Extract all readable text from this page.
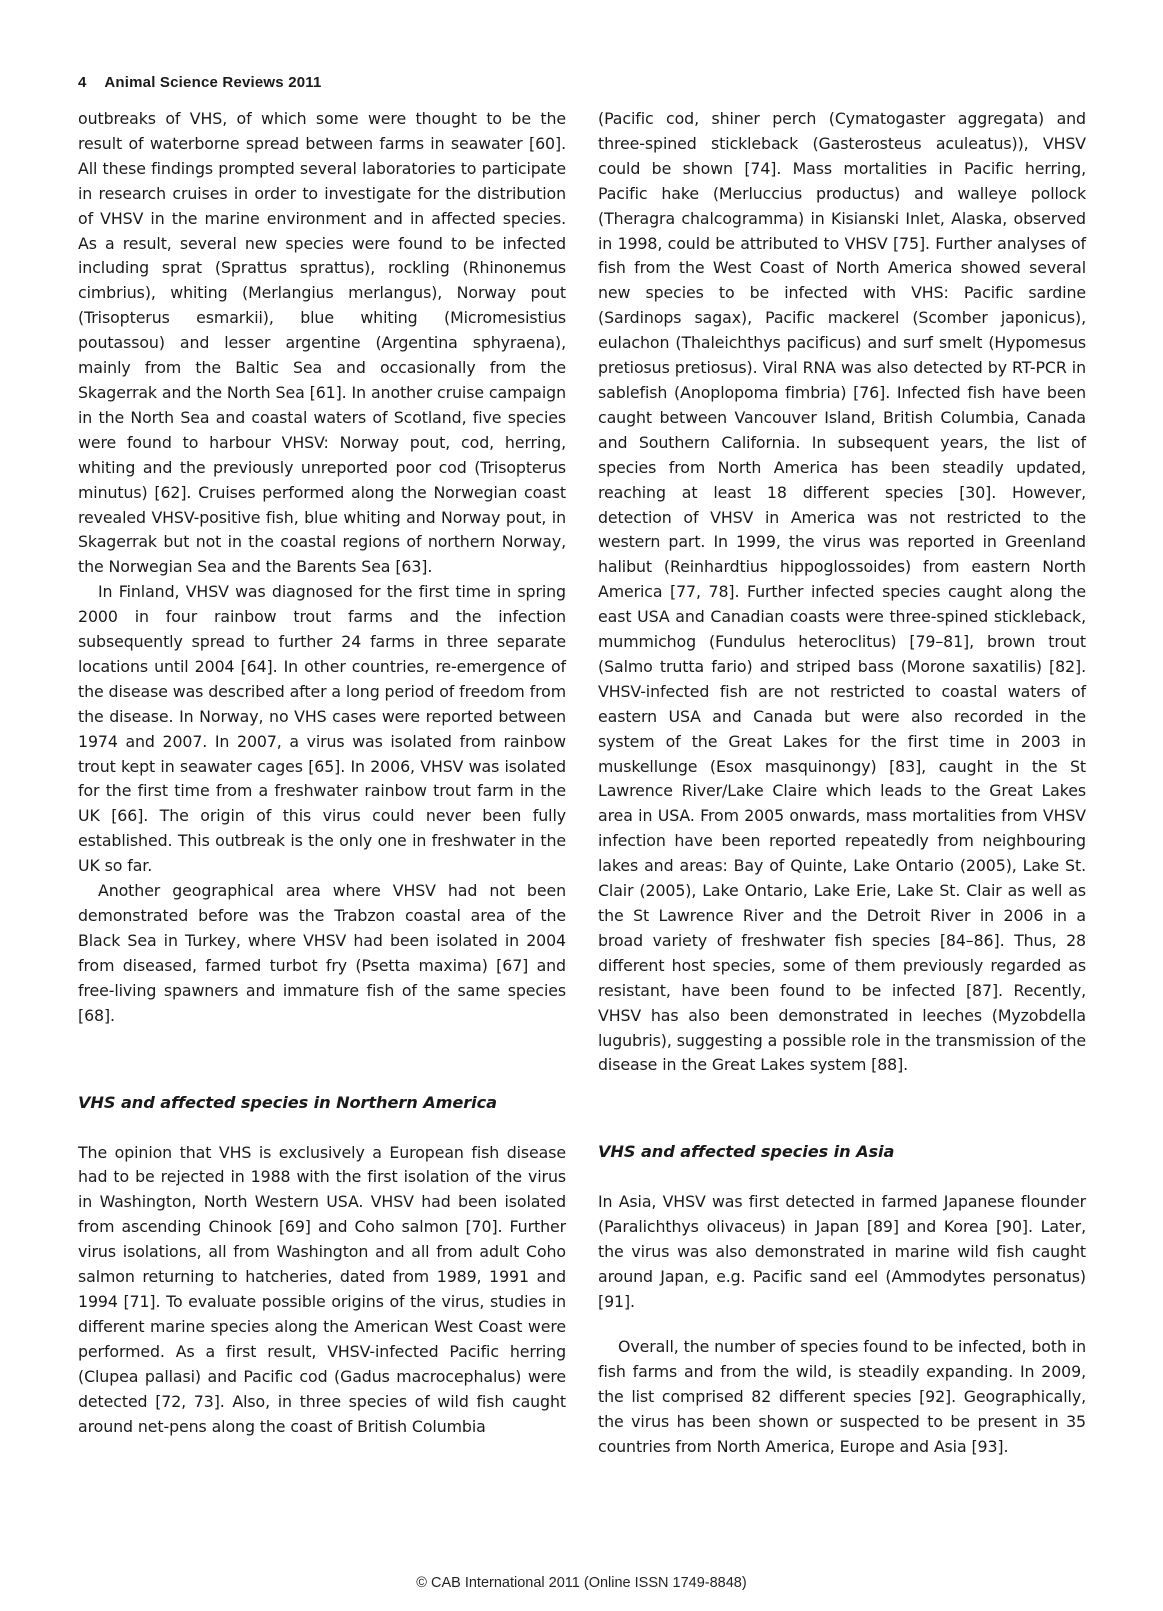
4 Animal Science Reviews 2011

outbreaks of VHS, of which some were thought to be the result of waterborne spread between farms in seawater [60]. All these findings prompted several laboratories to participate in research cruises in order to investigate for the distribution of VHSV in the marine environment and in affected species. As a result, several new species were found to be infected including sprat (Sprattus sprattus), rockling (Rhinonemus cimbrius), whiting (Merlangius merlangus), Norway pout (Trisopterus esmarkii), blue whiting (Micromesistius poutassou) and lesser argentine (Argentina sphyraena), mainly from the Baltic Sea and occasionally from the Skagerrak and the North Sea [61]. In another cruise campaign in the North Sea and coastal waters of Scotland, five species were found to harbour VHSV: Norway pout, cod, herring, whiting and the previously unreported poor cod (Trisopterus minutus) [62]. Cruises performed along the Norwegian coast revealed VHSV-positive fish, blue whiting and Norway pout, in Skagerrak but not in the coastal regions of northern Norway, the Norwegian Sea and the Barents Sea [63].

In Finland, VHSV was diagnosed for the first time in spring 2000 in four rainbow trout farms and the infection subsequently spread to further 24 farms in three separate locations until 2004 [64]. In other countries, re-emergence of the disease was described after a long period of freedom from the disease. In Norway, no VHS cases were reported between 1974 and 2007. In 2007, a virus was isolated from rainbow trout kept in seawater cages [65]. In 2006, VHSV was isolated for the first time from a freshwater rainbow trout farm in the UK [66]. The origin of this virus could never been fully established. This outbreak is the only one in freshwater in the UK so far.

Another geographical area where VHSV had not been demonstrated before was the Trabzon coastal area of the Black Sea in Turkey, where VHSV had been isolated in 2004 from diseased, farmed turbot fry (Psetta maxima) [67] and free-living spawners and immature fish of the same species [68].

VHS and affected species in Northern America

The opinion that VHS is exclusively a European fish disease had to be rejected in 1988 with the first isolation of the virus in Washington, North Western USA. VHSV had been isolated from ascending Chinook [69] and Coho salmon [70]. Further virus isolations, all from Washington and all from adult Coho salmon returning to hatcheries, dated from 1989, 1991 and 1994 [71]. To evaluate possible origins of the virus, studies in different marine species along the American West Coast were performed. As a first result, VHSV-infected Pacific herring (Clupea pallasi) and Pacific cod (Gadus macrocephalus) were detected [72, 73]. Also, in three species of wild fish caught around net-pens along the coast of British Columbia

(Pacific cod, shiner perch (Cymatogaster aggregata) and three-spined stickleback (Gasterosteus aculeatus)), VHSV could be shown [74]. Mass mortalities in Pacific herring, Pacific hake (Merluccius productus) and walleye pollock (Theragra chalcogramma) in Kisianski Inlet, Alaska, observed in 1998, could be attributed to VHSV [75]. Further analyses of fish from the West Coast of North America showed several new species to be infected with VHS: Pacific sardine (Sardinops sagax), Pacific mackerel (Scomber japonicus), eulachon (Thaleichthys pacificus) and surf smelt (Hypomesus pretiosus pretiosus). Viral RNA was also detected by RT-PCR in sablefish (Anoplopoma fimbria) [76]. Infected fish have been caught between Vancouver Island, British Columbia, Canada and Southern California. In subsequent years, the list of species from North America has been steadily updated, reaching at least 18 different species [30]. However, detection of VHSV in America was not restricted to the western part. In 1999, the virus was reported in Greenland halibut (Reinhardtius hippoglossoides) from eastern North America [77, 78]. Further infected species caught along the east USA and Canadian coasts were three-spined stickleback, mummichog (Fundulus heteroclitus) [79–81], brown trout (Salmo trutta fario) and striped bass (Morone saxatilis) [82]. VHSV-infected fish are not restricted to coastal waters of eastern USA and Canada but were also recorded in the system of the Great Lakes for the first time in 2003 in muskellunge (Esox masquinongy) [83], caught in the St Lawrence River/Lake Claire which leads to the Great Lakes area in USA. From 2005 onwards, mass mortalities from VHSV infection have been reported repeatedly from neighbouring lakes and areas: Bay of Quinte, Lake Ontario (2005), Lake St. Clair (2005), Lake Ontario, Lake Erie, Lake St. Clair as well as the St Lawrence River and the Detroit River in 2006 in a broad variety of freshwater fish species [84–86]. Thus, 28 different host species, some of them previously regarded as resistant, have been found to be infected [87]. Recently, VHSV has also been demonstrated in leeches (Myzobdella lugubris), suggesting a possible role in the transmission of the disease in the Great Lakes system [88].

VHS and affected species in Asia

In Asia, VHSV was first detected in farmed Japanese flounder (Paralichthys olivaceus) in Japan [89] and Korea [90]. Later, the virus was also demonstrated in marine wild fish caught around Japan, e.g. Pacific sand eel (Ammodytes personatus) [91].

Overall, the number of species found to be infected, both in fish farms and from the wild, is steadily expanding. In 2009, the list comprised 82 different species [92]. Geographically, the virus has been shown or suspected to be present in 35 countries from North America, Europe and Asia [93].

© CAB International 2011 (Online ISSN 1749-8848)
